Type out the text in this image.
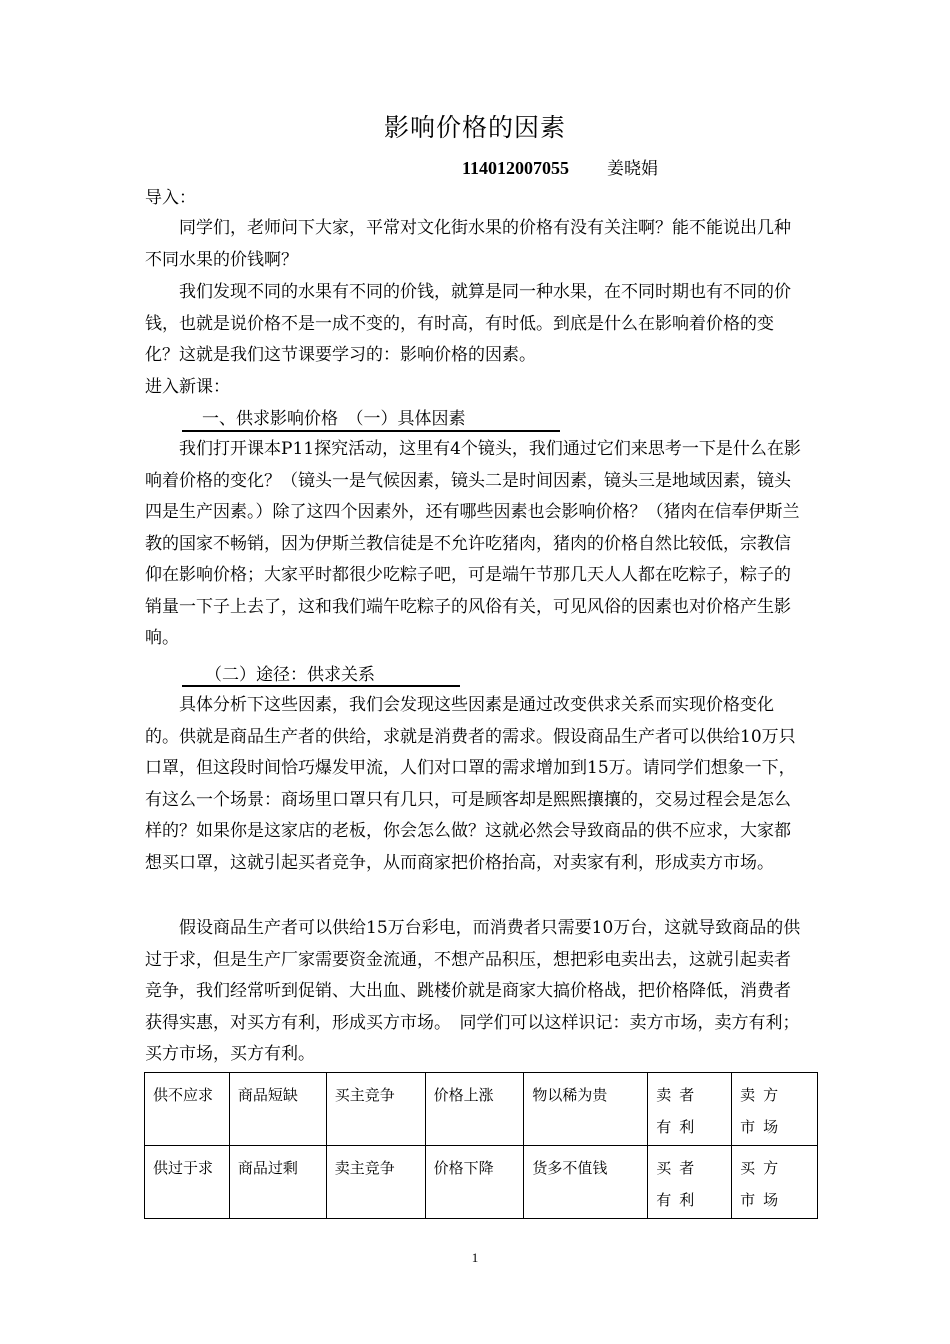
影响价格的因素
114012007055 姜晓娟
导入：
同学们，老师问下大家，平常对文化街水果的价格有没有关注啊？能不能说出几种不同水果的价钱啊？
我们发现不同的水果有不同的价钱，就算是同一种水果，在不同时期也有不同的价钱，也就是说价格不是一成不变的，有时高，有时低。到底是什么在影响着价格的变化？这就是我们这节课要学习的：影响价格的因素。
进入新课：
一、供求影响价格　（一）具体因素
我们打开课本P11探究活动，这里有4个镜头，我们通过它们来思考一下是什么在影响着价格的变化？（镜头一是气候因素，镜头二是时间因素，镜头三是地域因素，镜头四是生产因素。）除了这四个因素外，还有哪些因素也会影响价格？（猪肉在信奉伊斯兰教的国家不畅销，因为伊斯兰教信徒是不允许吃猪肉，猪肉的价格自然比较低，宗教信仰在影响价格；大家平时都很少吃粽子吧，可是端午节那几天人人都在吃粽子，粽子的销量一下子上去了，这和我们端午吃粽子的风俗有关，可见风俗的因素也对价格产生影响。
（二）途径：供求关系
具体分析下这些因素，我们会发现这些因素是通过改变供求关系而实现价格变化的。供就是商品生产者的供给，求就是消费者的需求。假设商品生产者可以供给10万只口罩，但这段时间恰巧爆发甲流，人们对口罩的需求增加到15万。请同学们想象一下，有这么一个场景：商场里口罩只有几只，可是顾客却是熙熙攘攘的，交易过程会是怎么样的？如果你是这家店的老板，你会怎么做？这就必然会导致商品的供不应求，大家都想买口罩，这就引起买者竞争，从而商家把价格抬高，对卖家有利，形成卖方市场。
假设商品生产者可以供给15万台彩电，而消费者只需要10万台，这就导致商品的供过于求，但是生产厂家需要资金流通，不想产品积压，想把彩电卖出去，这就引起卖者竞争，我们经常听到促销、大出血、跳楼价就是商家大搞价格战，把价格降低，消费者获得实惠，对买方有利，形成买方市场。　同学们可以这样识记：卖方市场，卖方有利；买方市场，买方有利。
供不应求	商品短缺	买主竞争	价格上涨	物以稀为贵	卖者有利	卖方市场
供过于求	商品过剩	卖主竞争	价格下降	货多不值钱	买者有利	买方市场
1
